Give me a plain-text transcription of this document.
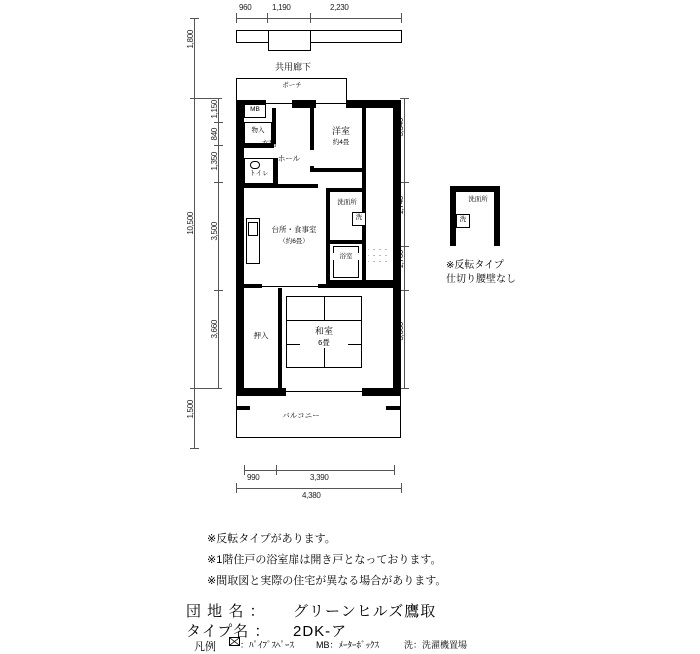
960	1,190	2,230
共用廊下
1,800
1,150
840
1,350
10,500 3,500
3,660
1,500
ポーチ
MB
物入
トイレ
ホール
洋室
約4畳
台所・食事室
（約6畳）
洗面所
洗
浴室
押入	和室
6畳
バルコニー
990	3,390
4,380
洗面所
洗
※反転タイプ
仕切り腰壁なし
※反転タイプがあります。
※1階住戸の浴室扉は開き戸となっております。
※間取図と実際の住宅が異なる場合があります。
団 地 名 ： グリーンヒルズ鷹取
タイプ名 ： 2DK-ア
凡例	：ﾊﾟｲﾌﾟｽﾍﾟｰｽ MB：ﾒｰﾀｰﾎﾞｯｸｽ	洗：洗濯機置場
